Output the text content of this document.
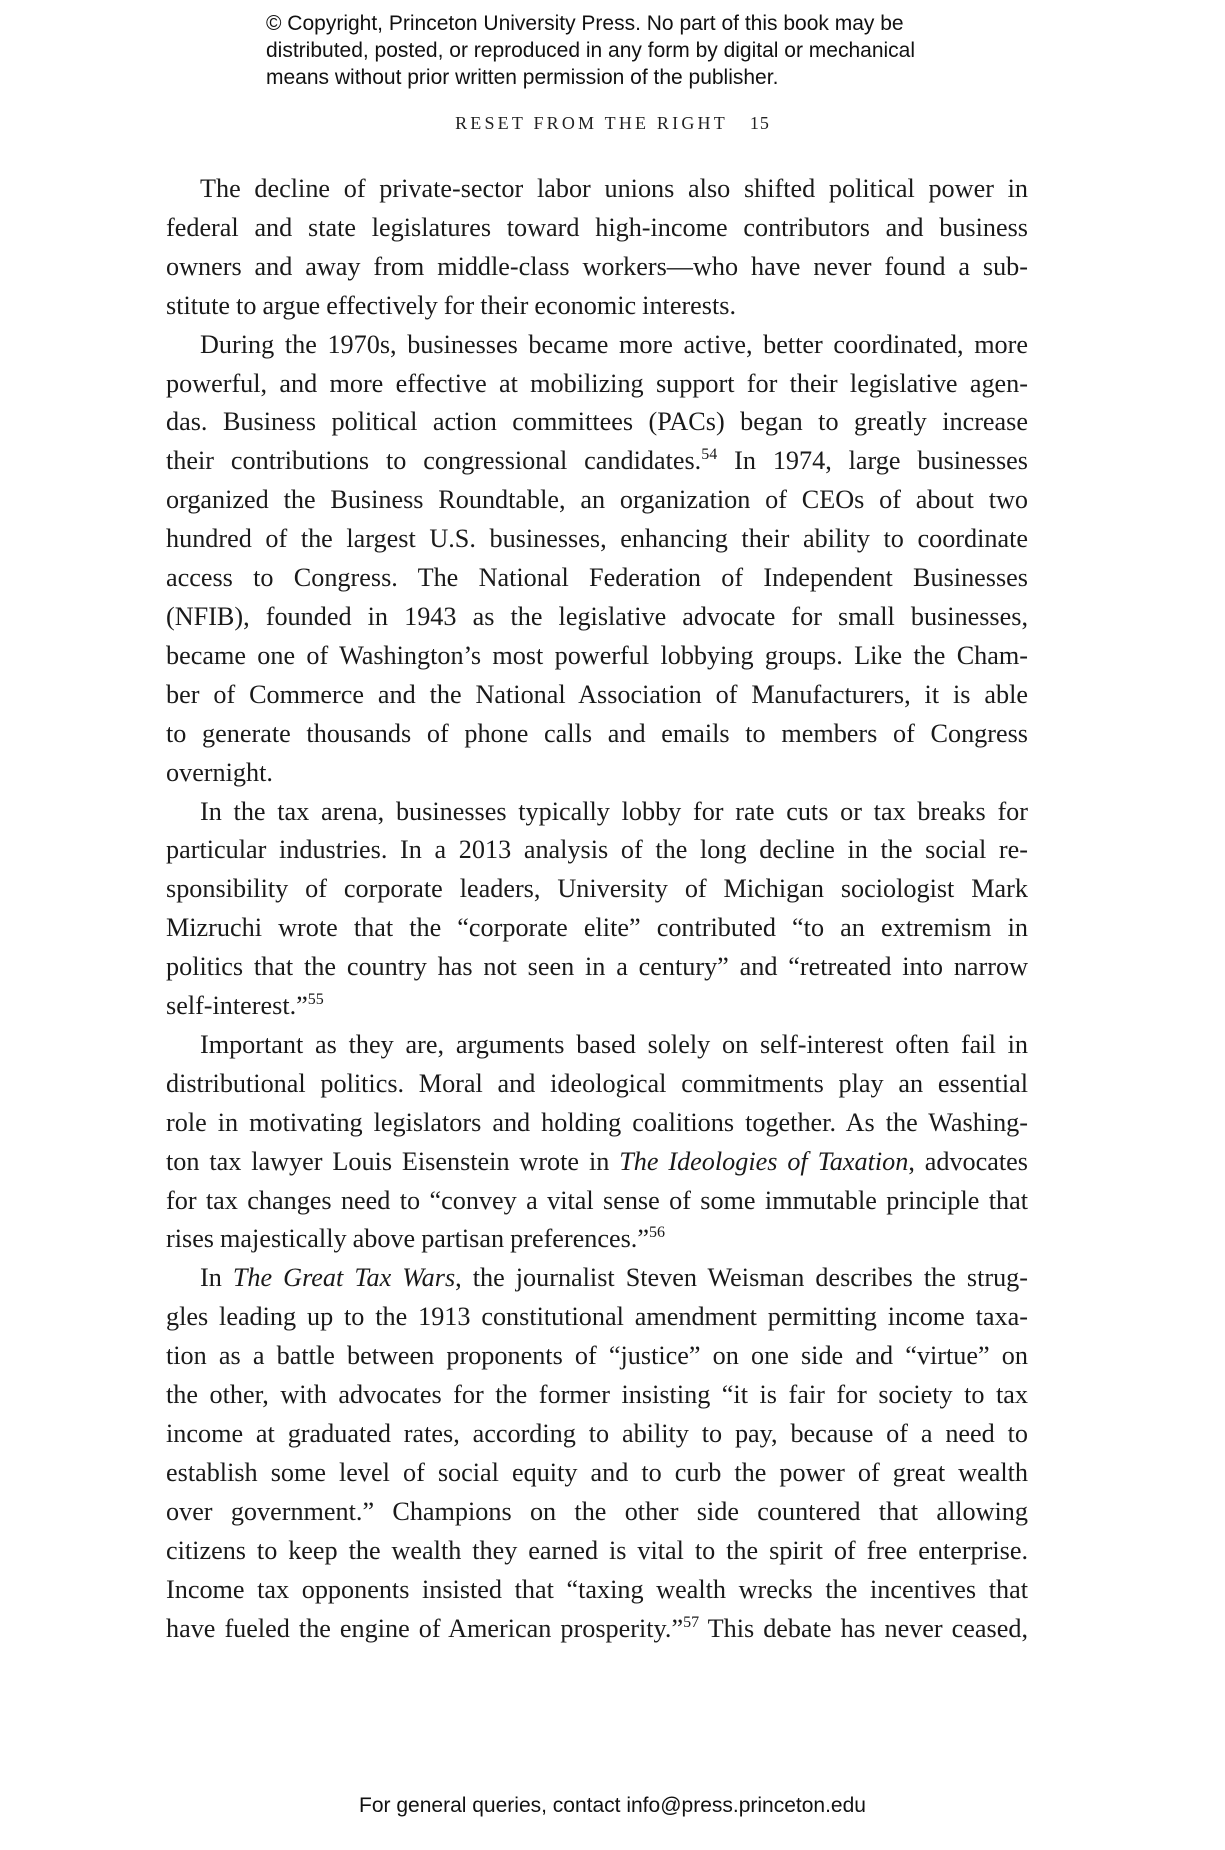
© Copyright, Princeton University Press. No part of this book may be
distributed, posted, or reproduced in any form by digital or mechanical
means without prior written permission of the publisher.
RESET FROM THE RIGHT 15
The decline of private-sector labor unions also shifted political power in
federal and state legislatures toward high-income contributors and business
owners and away from middle-class workers—who have never found a sub-
stitute to argue effectively for their economic interests.
During the 1970s, businesses became more active, better coordinated, more
powerful, and more effective at mobilizing support for their legislative agen-
das. Business political action committees (PACs) began to greatly increase
their contributions to congressional candidates.$^{54}$ In 1974, large businesses
organized the Business Roundtable, an organization of CEOs of about two
hundred of the largest U.S. businesses, enhancing their ability to coordinate
access to Congress. The National Federation of Independent Businesses
(NFIB), founded in 1943 as the legislative advocate for small businesses,
became one of Washington’s most powerful lobbying groups. Like the Cham-
ber of Commerce and the National Association of Manufacturers, it is able
to generate thousands of phone calls and emails to members of Congress
overnight.
In the tax arena, businesses typically lobby for rate cuts or tax breaks for
particular industries. In a 2013 analysis of the long decline in the social re-
sponsibility of corporate leaders, University of Michigan sociologist Mark
Mizruchi wrote that the “corporate elite” contributed “to an extremism in
politics that the country has not seen in a century” and “retreated into narrow
self-interest.”$^{55}$
Important as they are, arguments based solely on self-interest often fail in
distributional politics. Moral and ideological commitments play an essential
role in motivating legislators and holding coalitions together. As the Washing-
ton tax lawyer Louis Eisenstein wrote in The Ideologies of Taxation, advocates
for tax changes need to “convey a vital sense of some immutable principle that
rises majestically above partisan preferences.”$^{56}$
In The Great Tax Wars, the journalist Steven Weisman describes the strug-
gles leading up to the 1913 constitutional amendment permitting income taxa-
tion as a battle between proponents of “justice” on one side and “virtue” on
the other, with advocates for the former insisting “it is fair for society to tax
income at graduated rates, according to ability to pay, because of a need to
establish some level of social equity and to curb the power of great wealth
over government.” Champions on the other side countered that allowing
citizens to keep the wealth they earned is vital to the spirit of free enterprise.
Income tax opponents insisted that “taxing wealth wrecks the incentives that
have fueled the engine of American prosperity.”$^{57}$ This debate has never ceased,
For general queries, contact info@press.princeton.edu
